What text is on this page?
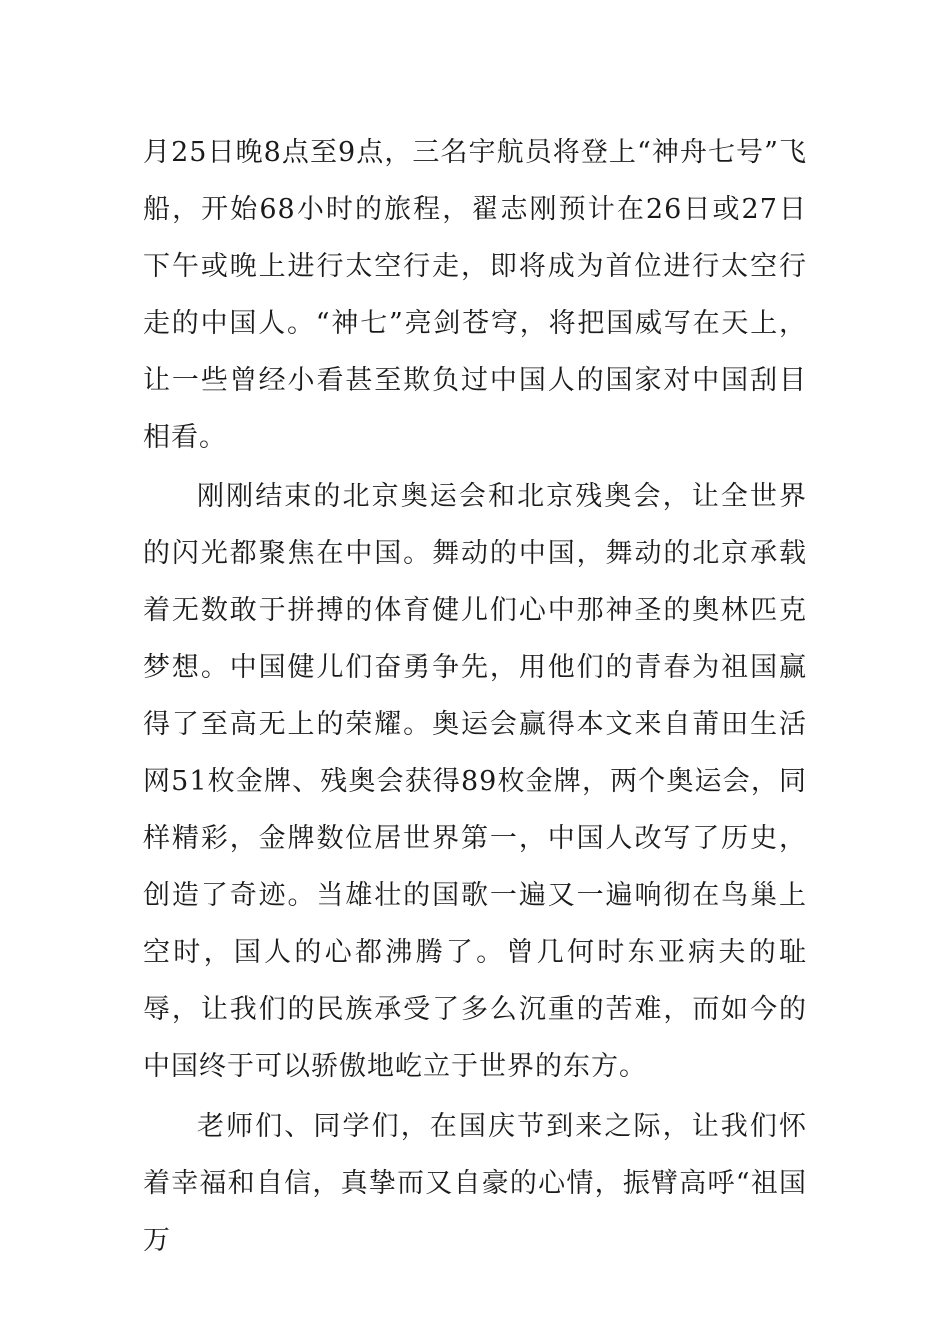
月25日晚8点至9点，三名宇航员将登上“神舟七号”飞船，开始68小时的旅程，翟志刚预计在26日或27日下午或晚上进行太空行走，即将成为首位进行太空行走的中国人。“神七”亮剑苍穹，将把国威写在天上，让一些曾经小看甚至欺负过中国人的国家对中国刮目相看。

刚刚结束的北京奥运会和北京残奥会，让全世界的闪光都聚焦在中国。舞动的中国，舞动的北京承载着无数敢于拼搏的体育健儿们心中那神圣的奥林匹克梦想。中国健儿们奋勇争先，用他们的青春为祖国赢得了至高无上的荣耀。奥运会赢得本文来自莆田生活网51枚金牌、残奥会获得89枚金牌，两个奥运会，同样精彩，金牌数位居世界第一，中国人改写了历史，创造了奇迹。当雄壮的国歌一遍又一遍响彻在鸟巢上空时，国人的心都沸腾了。曾几何时东亚病夫的耻辱，让我们的民族承受了多么沉重的苦难，而如今的中国终于可以骄傲地屹立于世界的东方。

老师们、同学们，在国庆节到来之际，让我们怀着幸福和自信，真挚而又自豪的心情，振臂高呼“祖国万
